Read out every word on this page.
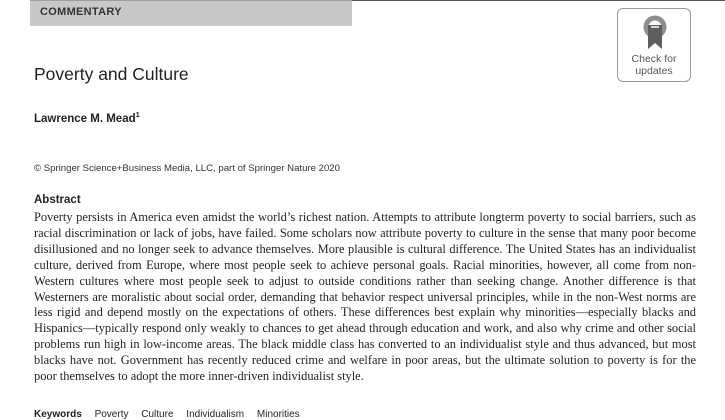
COMMENTARY
Check for
updates
Poverty and Culture
Lawrence M. Mead$^1$
© Springer Science+Business Media, LLC, part of Springer Nature 2020
Abstract
Poverty persists in America even amidst the world’s richest nation. Attempts to attribute longterm poverty to social barriers, such as racial discrimination or lack of jobs, have failed. Some scholars now attribute poverty to culture in the sense that many poor become disillusioned and no longer seek to advance themselves. More plausible is cultural difference. The United States has an individualist culture, derived from Europe, where most people seek to achieve personal goals. Racial minorities, however, all come from non-Western cultures where most people seek to adjust to outside conditions rather than seeking change. Another difference is that Westerners are moralistic about social order, demanding that behavior respect universal principles, while in the non-West norms are less rigid and depend mostly on the expectations of others. These differences best explain why minorities—especially blacks and Hispanics—typically respond only weakly to chances to get ahead through education and work, and also why crime and other social problems run high in low-income areas. The black middle class has converted to an individualist style and thus advanced, but most blacks have not. Government has recently reduced crime and welfare in poor areas, but the ultimate solution to poverty is for the poor themselves to adopt the more inner-driven individualist style.
Keywords Poverty Culture Individualism Minorities
